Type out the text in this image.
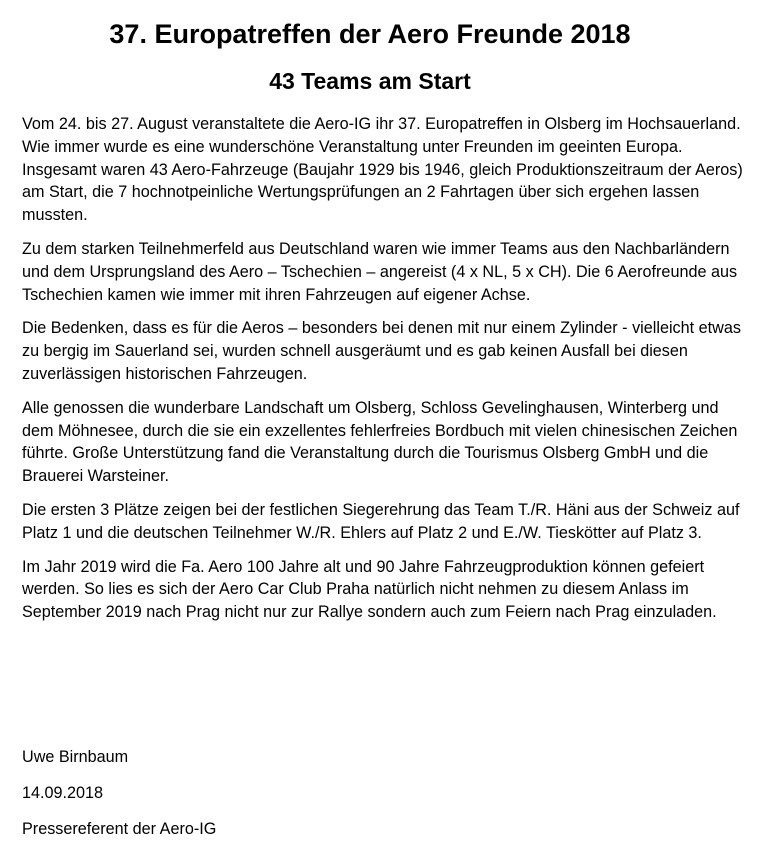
37. Europatreffen der Aero Freunde 2018
43 Teams am Start

Vom 24. bis 27. August veranstaltete die Aero-IG ihr 37. Europatreffen in Olsberg im Hochsauerland. Wie immer wurde es eine wunderschöne Veranstaltung unter Freunden im geeinten Europa. Insgesamt waren 43 Aero-Fahrzeuge (Baujahr 1929 bis 1946, gleich Produktionszeitraum der Aeros) am Start, die 7 hochnotpeinliche Wertungsprüfungen an 2 Fahrtagen über sich ergehen lassen mussten.

Zu dem starken Teilnehmerfeld aus Deutschland waren wie immer Teams aus den Nachbarländern und dem Ursprungsland des Aero – Tschechien – angereist (4 x NL, 5 x CH). Die 6 Aerofreunde aus Tschechien kamen wie immer mit ihren Fahrzeugen auf eigener Achse.

Die Bedenken, dass es für die Aeros – besonders bei denen mit nur einem Zylinder - vielleicht etwas zu bergig im Sauerland sei, wurden schnell ausgeräumt und es gab keinen Ausfall bei diesen zuverlässigen historischen Fahrzeugen.

Alle genossen die wunderbare Landschaft um Olsberg, Schloss Gevelinghausen, Winterberg und dem Möhnesee, durch die sie ein exzellentes fehlerfreies Bordbuch mit vielen chinesischen Zeichen führte. Große Unterstützung fand die Veranstaltung durch die Tourismus Olsberg GmbH und die Brauerei Warsteiner.

Die ersten 3 Plätze zeigen bei der festlichen Siegerehrung das Team T./R. Häni aus der Schweiz auf Platz 1 und die deutschen Teilnehmer W./R. Ehlers auf Platz 2 und E./W. Tieskötter auf Platz 3.

Im Jahr 2019 wird die Fa. Aero 100 Jahre alt und 90 Jahre Fahrzeugproduktion können gefeiert werden. So lies es sich der Aero Car Club Praha natürlich nicht nehmen zu diesem Anlass im September 2019 nach Prag nicht nur zur Rallye sondern auch zum Feiern nach Prag einzuladen.

Uwe Birnbaum

14.09.2018

Pressereferent der Aero-IG
